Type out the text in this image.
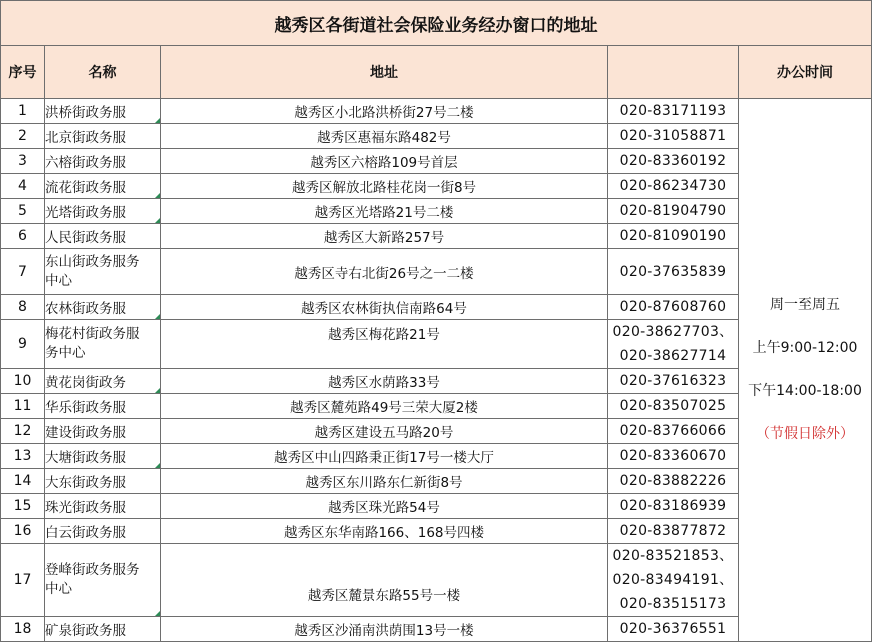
越秀区各街道社会保险业务经办窗口的地址				
序号	名称	地址		办公时间
1	洪桥街政务服	越秀区小北路洪桥街27号二楼	020-83171193	周一至周五

上午9:00-12:00

下午14:00-18:00

（节假日除外）

2	北京街政务服	越秀区惠福东路482号	020-31058871	

3	六榕街政务服	越秀区六榕路109号首层	020-83360192	

4	流花街政务服	越秀区解放北路桂花岗一街8号	020-86234730	

5	光塔街政务服	越秀区光塔路21号二楼	020-81904790	

6	人民街政务服	越秀区大新路257号	020-81090190	

7	东山街政务服务中心	越秀区寺右北街26号之一二楼	020-37635839	

8	农林街政务服	越秀区农林街执信南路64号	020-87608760	

9	梅花村街政务服务中心	越秀区梅花路21号	020-38627703、
020-38627714	

10	黄花岗街政务	越秀区水荫路33号	020-37616323	

11	华乐街政务服	越秀区麓苑路49号三荣大厦2楼	020-83507025	

12	建设街政务服	越秀区建设五马路20号	020-83766066	

13	大塘街政务服	越秀区中山四路秉正街17号一楼大厅	020-83360670	

14	大东街政务服	越秀区东川路东仁新街8号	020-83882226	

15	珠光街政务服	越秀区珠光路54号	020-83186939	

16	白云街政务服	越秀区东华南路166、168号四楼	020-83877872	

17	登峰街政务服务中心	越秀区麓景东路55号一楼	020-83521853、
020-83494191、
020-83515173	

18	矿泉街政务服	越秀区沙涌南洪荫围13号一楼	020-36376551	
